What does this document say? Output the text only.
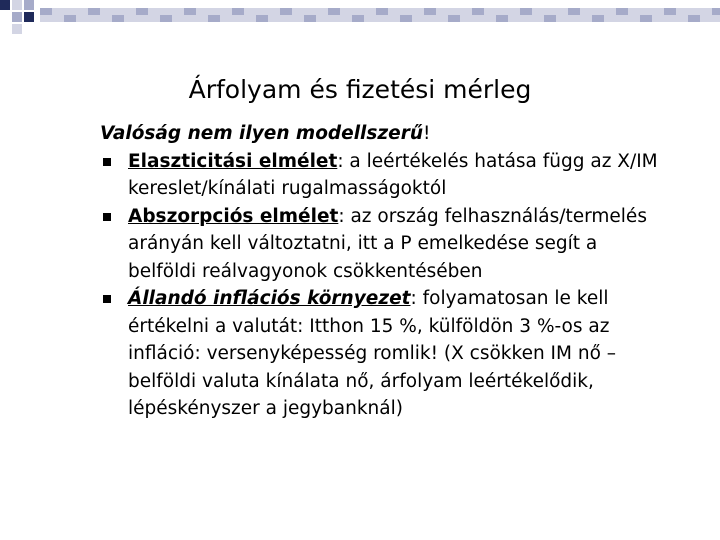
Árfolyam és fizetési mérleg

Valóság nem ilyen modellszerű!

Elaszticitási elmélet: a leértékelés hatása függ az X/IM kereslet/kínálati rugalmasságoktól
Abszorpciós elmélet: az ország felhasználás/termelés arányán kell változtatni, itt a P emelkedése segít a belföldi reálvagyonok csökkentésében
Állandó inflációs környezet: folyamatosan le kell értékelni a valutát: Itthon 15 %, külföldön 3 %-os az infláció: versenyképesség romlik! (X csökken IM nő – belföldi valuta kínálata nő, árfolyam leértékelődik, lépéskényszer a jegybanknál)
